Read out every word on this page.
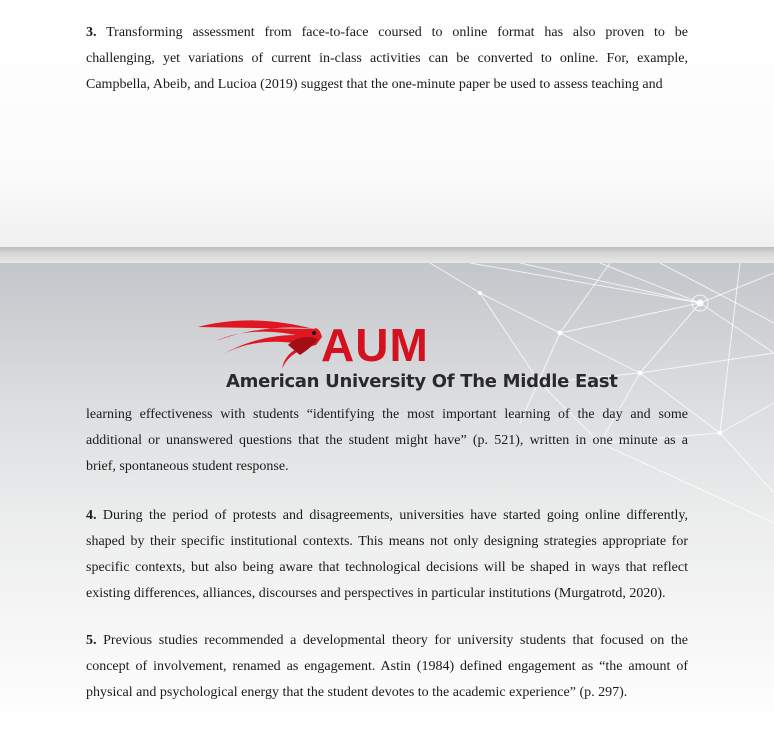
3. Transforming assessment from face-to-face coursed to online format has also proven to be
challenging, yet variations of current in-class activities can be converted to online. For, example,
Campbella, Abeib, and Lucioa (2019) suggest that the one-minute paper be used to assess teaching and

AUM
American University Of The Middle East

learning effectiveness with students “identifying the most important learning of the day and some
additional or unanswered questions that the student might have” (p. 521), written in one minute as a
brief, spontaneous student response.

4. During the period of protests and disagreements, universities have started going online differently,
shaped by their specific institutional contexts. This means not only designing strategies appropriate for
specific contexts, but also being aware that technological decisions will be shaped in ways that reflect
existing differences, alliances, discourses and perspectives in particular institutions (Murgatrotd, 2020).

5. Previous studies recommended a developmental theory for university students that focused on the
concept of involvement, renamed as engagement. Astin (1984) defined engagement as “the amount of
physical and psychological energy that the student devotes to the academic experience” (p. 297).
